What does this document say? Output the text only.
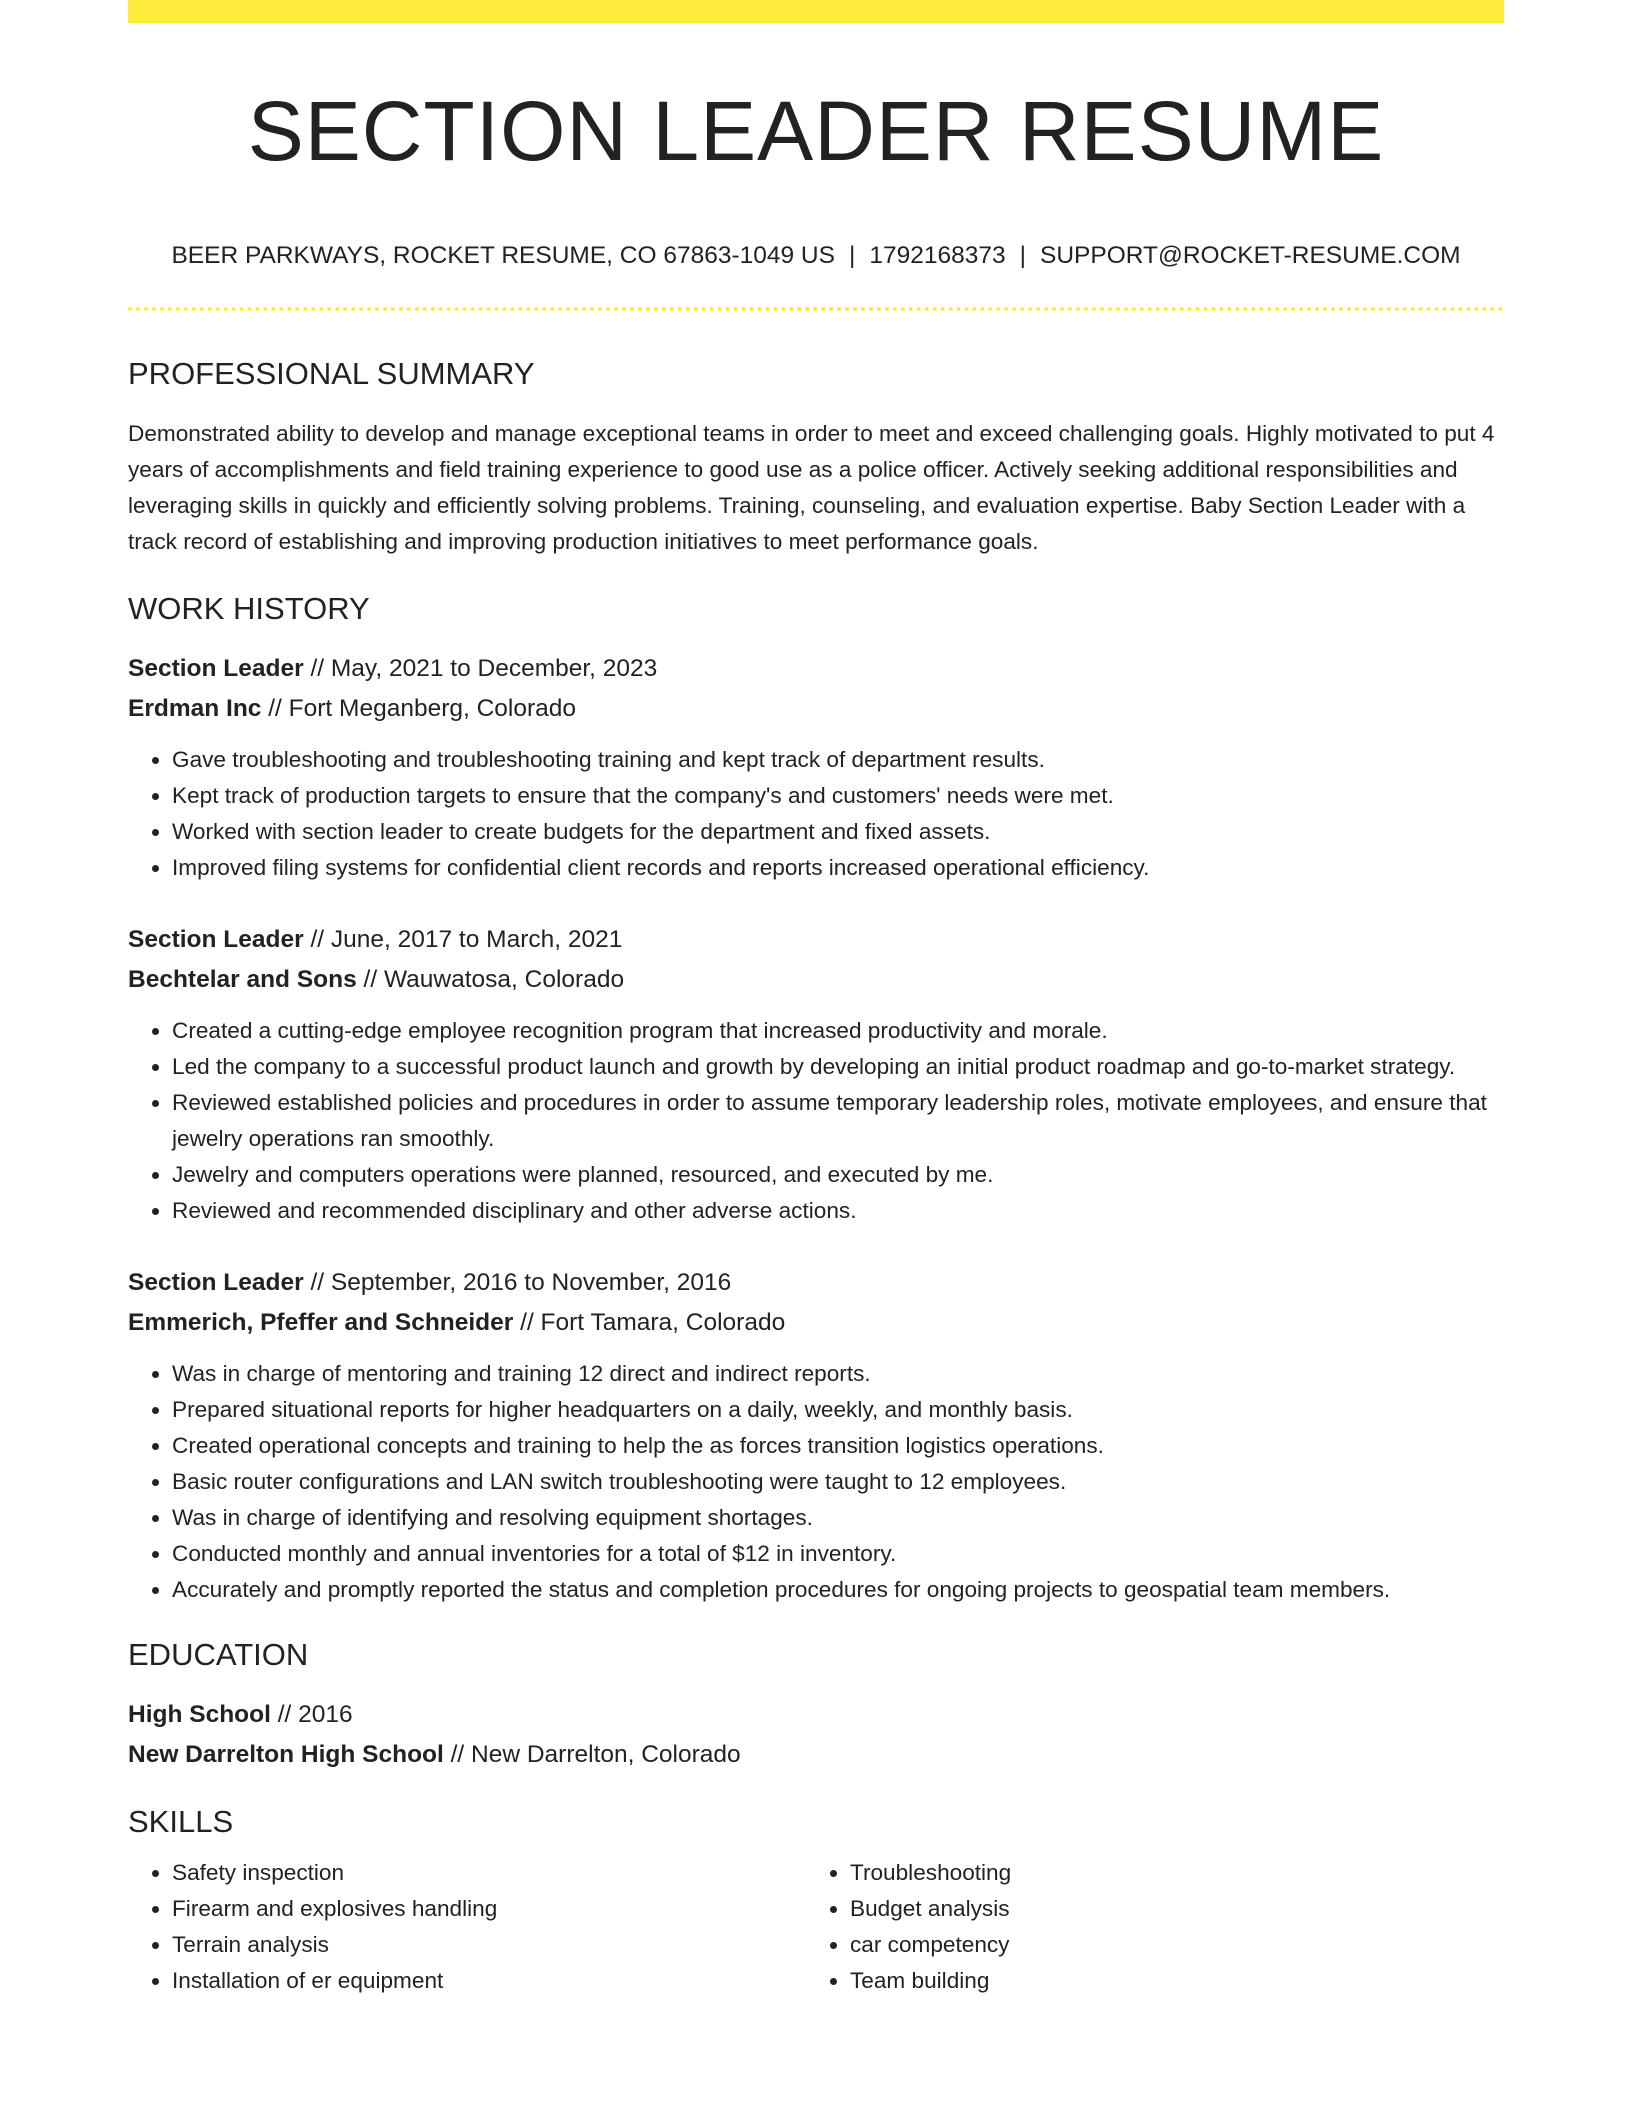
SECTION LEADER RESUME
BEER PARKWAYS, ROCKET RESUME, CO 67863-1049 US | 1792168373 | SUPPORT@ROCKET-RESUME.COM
PROFESSIONAL SUMMARY
Demonstrated ability to develop and manage exceptional teams in order to meet and exceed challenging goals. Highly motivated to put 4 years of accomplishments and field training experience to good use as a police officer. Actively seeking additional responsibilities and leveraging skills in quickly and efficiently solving problems. Training, counseling, and evaluation expertise. Baby Section Leader with a track record of establishing and improving production initiatives to meet performance goals.
WORK HISTORY
Section Leader // May, 2021 to December, 2023
Erdman Inc // Fort Meganberg, Colorado
• Gave troubleshooting and troubleshooting training and kept track of department results.
• Kept track of production targets to ensure that the company's and customers' needs were met.
• Worked with section leader to create budgets for the department and fixed assets.
• Improved filing systems for confidential client records and reports increased operational efficiency.
Section Leader // June, 2017 to March, 2021
Bechtelar and Sons // Wauwatosa, Colorado
• Created a cutting-edge employee recognition program that increased productivity and morale.
• Led the company to a successful product launch and growth by developing an initial product roadmap and go-to-market strategy.
• Reviewed established policies and procedures in order to assume temporary leadership roles, motivate employees, and ensure that jewelry operations ran smoothly.
• Jewelry and computers operations were planned, resourced, and executed by me.
• Reviewed and recommended disciplinary and other adverse actions.
Section Leader // September, 2016 to November, 2016
Emmerich, Pfeffer and Schneider // Fort Tamara, Colorado
• Was in charge of mentoring and training 12 direct and indirect reports.
• Prepared situational reports for higher headquarters on a daily, weekly, and monthly basis.
• Created operational concepts and training to help the as forces transition logistics operations.
• Basic router configurations and LAN switch troubleshooting were taught to 12 employees.
• Was in charge of identifying and resolving equipment shortages.
• Conducted monthly and annual inventories for a total of $12 in inventory.
• Accurately and promptly reported the status and completion procedures for ongoing projects to geospatial team members.
EDUCATION
High School // 2016
New Darrelton High School // New Darrelton, Colorado
SKILLS
• Safety inspection
• Firearm and explosives handling
• Terrain analysis
• Installation of er equipment
• Troubleshooting
• Budget analysis
• car competency
• Team building
